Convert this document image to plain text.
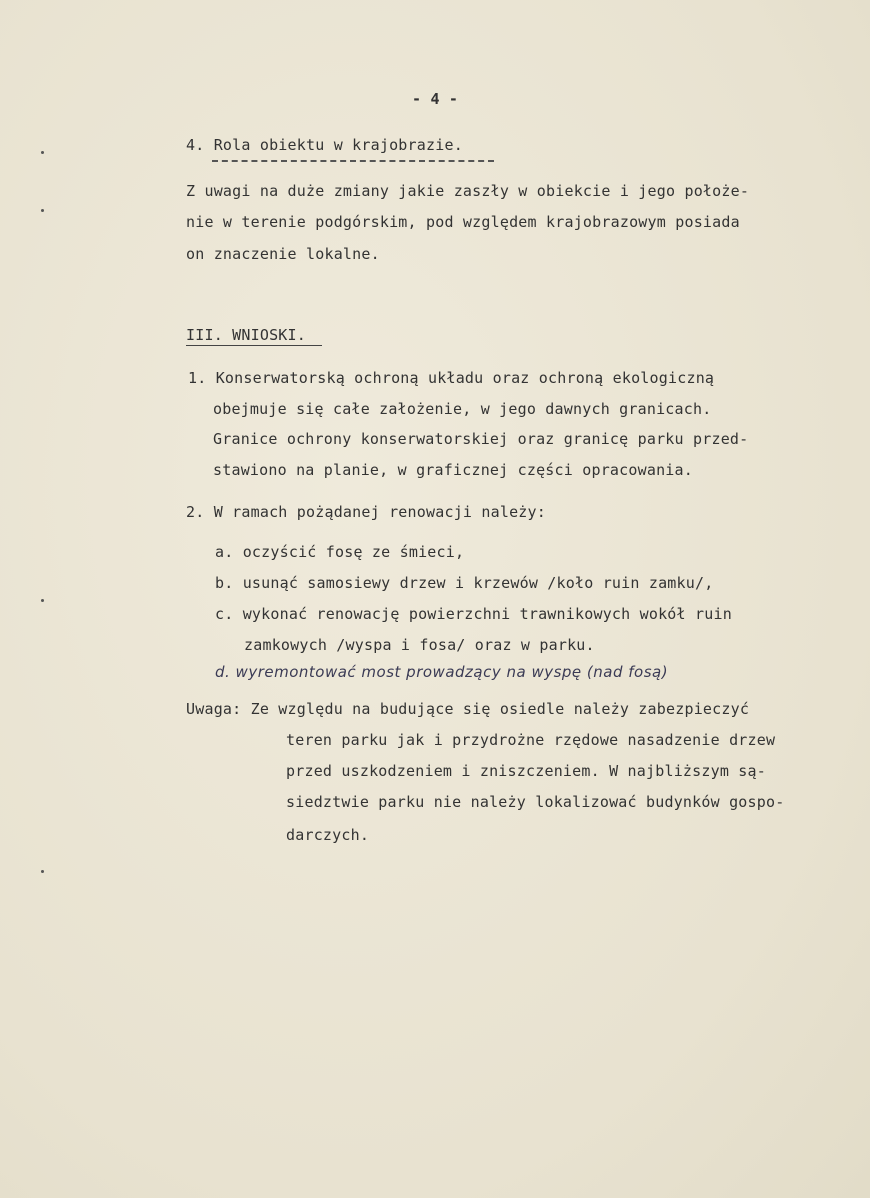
- 4 -
4. Rola obiektu w krajobrazie.
Z uwagi na duże zmiany jakie zaszły w obiekcie i jego położe-
nie w terenie podgórskim, pod względem krajobrazowym posiada
on znaczenie lokalne.
III. WNIOSKI.
1. Konserwatorską ochroną układu oraz ochroną ekologiczną
obejmuje się całe założenie, w jego dawnych granicach.
Granice ochrony konserwatorskiej oraz granicę parku przed-
stawiono na planie, w graficznej części opracowania.
2. W ramach pożądanej renowacji należy:
a. oczyścić fosę ze śmieci,
b. usunąć samosiewy drzew i krzewów /koło ruin zamku/,
c. wykonać renowację powierzchni trawnikowych wokół ruin
zamkowych /wyspa i fosa/ oraz w parku.
d. wyremontować most prowadzący na wyspę (nad fosą)
Uwaga: Ze względu na budujące się osiedle należy zabezpieczyć
teren parku jak i przydrożne rzędowe nasadzenie drzew
przed uszkodzeniem i zniszczeniem. W najbliższym są-
siedztwie parku nie należy lokalizować budynków gospo-
darczych.
